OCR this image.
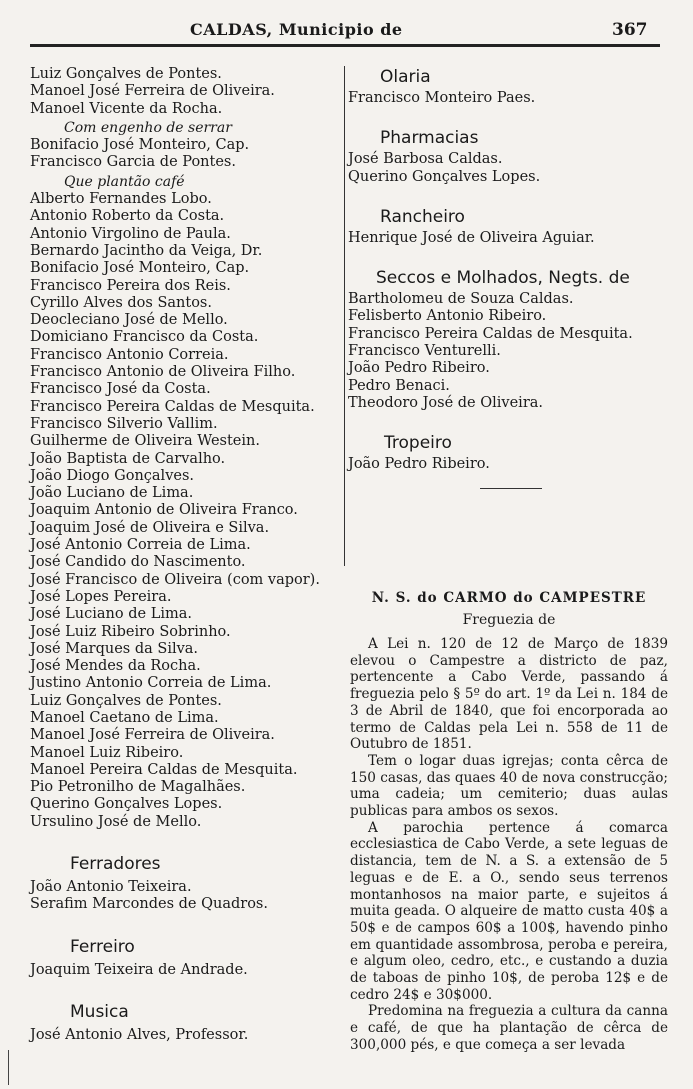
CALDAS, Municipio de	367
Luiz Gonçalves de Pontes.
Manoel José Ferreira de Oliveira.
Manoel Vicente da Rocha.
Com engenho de serrar
Bonifacio José Monteiro, Cap.
Francisco Garcia de Pontes.
Que plantão café
Alberto Fernandes Lobo.
Antonio Roberto da Costa.
Antonio Virgolino de Paula.
Bernardo Jacintho da Veiga, Dr.
Bonifacio José Monteiro, Cap.
Francisco Pereira dos Reis.
Cyrillo Alves dos Santos.
Deocleciano José de Mello.
Domiciano Francisco da Costa.
Francisco Antonio Correia.
Francisco Antonio de Oliveira Filho.
Francisco José da Costa.
Francisco Pereira Caldas de Mesquita.
Francisco Silverio Vallim.
Guilherme de Oliveira Westein.
João Baptista de Carvalho.
João Diogo Gonçalves.
João Luciano de Lima.
Joaquim Antonio de Oliveira Franco.
Joaquim José de Oliveira e Silva.
José Antonio Correia de Lima.
José Candido do Nascimento.
José Francisco de Oliveira (com vapor).
José Lopes Pereira.
José Luciano de Lima.
José Luiz Ribeiro Sobrinho.
José Marques da Silva.
José Mendes da Rocha.
Justino Antonio Correia de Lima.
Luiz Gonçalves de Pontes.
Manoel Caetano de Lima.
Manoel José Ferreira de Oliveira.
Manoel Luiz Ribeiro.
Manoel Pereira Caldas de Mesquita.
Pio Petronilho de Magalhães.
Querino Gonçalves Lopes.
Ursulino José de Mello.
Ferradores
João Antonio Teixeira.
Serafim Marcondes de Quadros.
Ferreiro
Joaquim Teixeira de Andrade.
Musica
José Antonio Alves, Professor.
Olaria
Francisco Monteiro Paes.
Pharmacias
José Barbosa Caldas.
Querino Gonçalves Lopes.
Rancheiro
Henrique José de Oliveira Aguiar.
Seccos e Molhados, Negts. de
Bartholomeu de Souza Caldas.
Felisberto Antonio Ribeiro.
Francisco Pereira Caldas de Mesquita.
Francisco Venturelli.
João Pedro Ribeiro.
Pedro Benaci.
Theodoro José de Oliveira.
Tropeiro
João Pedro Ribeiro.
N. S. do CARMO do CAMPESTRE
Freguezia de

A Lei n. 120 de 12 de Março de 1839 elevou o Campestre a districto de paz, pertencente a Cabo Verde, passando á freguezia pelo § 5º do art. 1º da Lei n. 184 de 3 de Abril de 1840, que foi encorporada ao termo de Caldas pela Lei n. 558 de 11 de Outubro de 1851.

Tem o logar duas igrejas; conta cêrca de 150 casas, das quaes 40 de nova construcção; uma cadeia; um cemiterio; duas aulas publicas para ambos os sexos.

A parochia pertence á comarca ecclesiastica de Cabo Verde, a sete leguas de distancia, tem de N. a S. a extensão de 5 leguas e de E. a O., sendo seus terrenos montanhosos na maior parte, e sujeitos á muita geada. O alqueire de matto custa 40$ a 50$ e de campos 60$ a 100$, havendo pinho em quantidade assombrosa, peroba e pereira, e algum oleo, cedro, etc., e custando a duzia de taboas de pinho 10$, de peroba 12$ e de cedro 24$ e 30$000.

Predomina na freguezia a cultura da canna e café, de que ha plantação de cêrca de 300,000 pés, e que começa a ser levada
